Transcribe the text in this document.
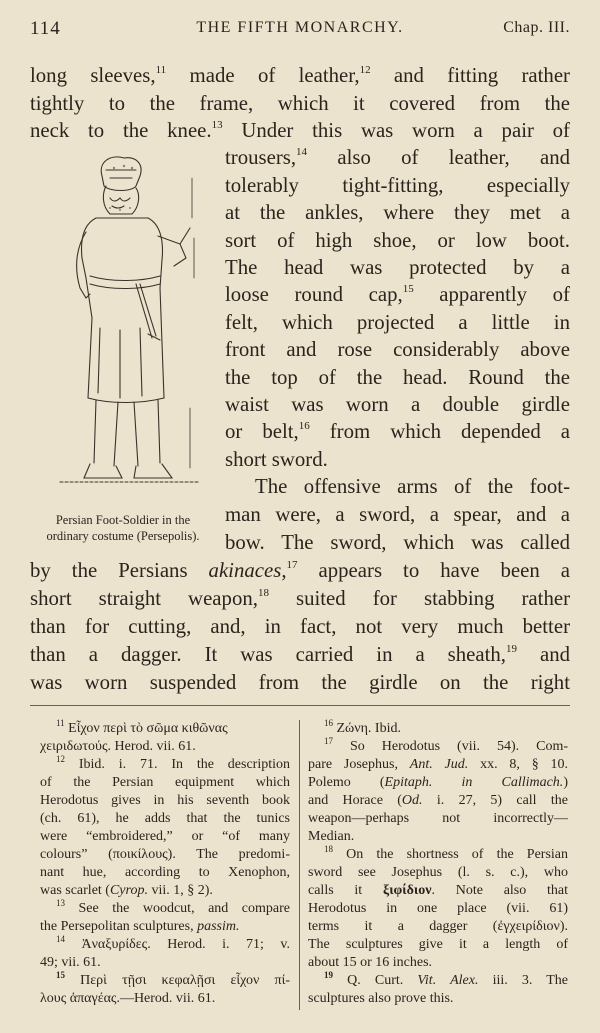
114	THE FIFTH MONARCHY.	Chap. III.
long sleeves,$^{11}$ made of leather,$^{12}$ and fitting rather
tightly to the frame, which it covered from the
neck to the knee.$^{13}$ Under this was worn a pair of
trousers,$^{14}$ also of leather, and
tolerably tight-fitting, especially
at the ankles, where they met a
sort of high shoe, or low boot.
The head was protected by a
loose round cap,$^{15}$ apparently of
felt, which projected a little in
front and rose considerably above
the top of the head. Round the
waist was worn a double girdle
or belt,$^{16}$ from which depended a
short sword.
The offensive arms of the foot-
man were, a sword, a spear, and a
bow. The sword, which was called
by the Persians akinaces,$^{17}$ appears to have been a
short straight weapon,$^{18}$ suited for stabbing rather
than for cutting, and, in fact, not very much better
than a dagger. It was carried in a sheath,$^{19}$ and
was worn suspended from the girdle on the right
Persian Foot-Soldier in the
ordinary costume (Persepolis).
$^{11}$ Εἶχον περὶ τὸ σῶμα κιθῶνας
χειριδωτούς. Herod. vii. 61.
$^{12}$ Ibid. i. 71. In the description
of the Persian equipment which
Herodotus gives in his seventh book
(ch. 61), he adds that the tunics
were “embroidered,” or “of many
colours” (ποικίλους). The predomi-
nant hue, according to Xenophon,
was scarlet (Cyrop. vii. 1, § 2).
$^{13}$ See the woodcut, and compare
the Persepolitan sculptures, passim.
$^{14}$ Ἀναξυρίδες. Herod. i. 71; v.
49; vii. 61.
$^{15}$ Περὶ τῇσι κεφαλῇσι εἶχον πί-
λους ἀπαγέας.—Herod. vii. 61.
$^{16}$ Ζώνη. Ibid.
$^{17}$ So Herodotus (vii. 54). Com-
pare Josephus, Ant. Jud. xx. 8, § 10.
Polemo (Epitaph. in Callimach.)
and Horace (Od. i. 27, 5) call the
weapon—perhaps not incorrectly—
Median.
$^{18}$ On the shortness of the Persian
sword see Josephus (l. s. c.), who
calls it ξιφίδιον. Note also that
Herodotus in one place (vii. 61)
terms it a dagger (ἐγχειρίδιον).
The sculptures give it a length of
about 15 or 16 inches.
$^{19}$ Q. Curt. Vit. Alex. iii. 3. The
sculptures also prove this.
